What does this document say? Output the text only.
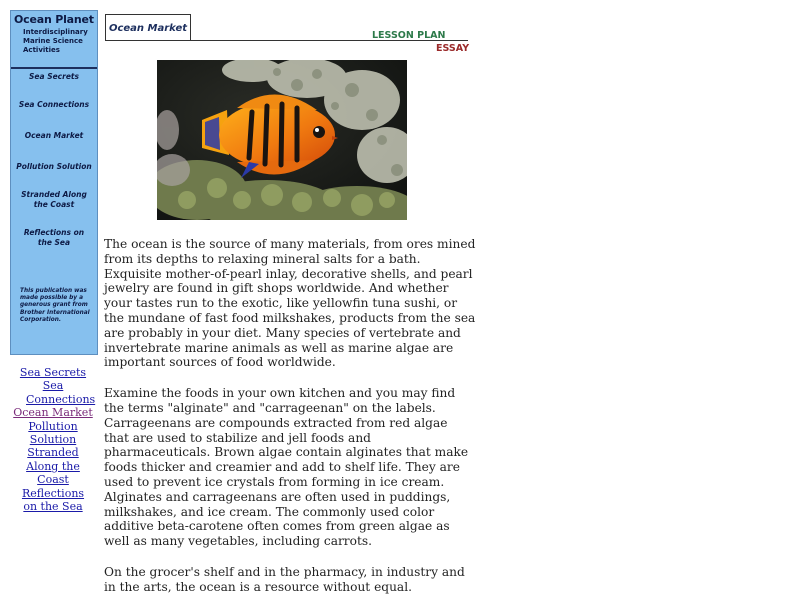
Ocean Planet
Interdisciplinary Marine Science Activities
Sea Secrets
Sea Connections
Ocean Market
Pollution Solution
Stranded Along the Coast
Reflections on the Sea
This publication was made possible by a generous grant from Brother International Corporation.
Sea Secrets
Sea Connections
Ocean Market
Pollution Solution
Stranded Along the Coast
Reflections on the Sea
Ocean Market
LESSON PLAN
ESSAY

The ocean is the source of many materials, from ores mined from its depths to relaxing mineral salts for a bath. Exquisite mother-of-pearl inlay, decorative shells, and pearl jewelry are found in gift shops worldwide. And whether your tastes run to the exotic, like yellowfin tuna sushi, or the mundane of fast food milkshakes, products from the sea are probably in your diet. Many species of vertebrate and invertebrate marine animals as well as marine algae are important sources of food worldwide.

Examine the foods in your own kitchen and you may find the terms "alginate" and "carrageenan" on the labels. Carrageenans are compounds extracted from red algae that are used to stabilize and jell foods and pharmaceuticals. Brown algae contain alginates that make foods thicker and creamier and add to shelf life. They are used to prevent ice crystals from forming in ice cream. Alginates and carrageenans are often used in puddings, milkshakes, and ice cream. The commonly used color additive beta-carotene often comes from green algae as well as many vegetables, including carrots.

On the grocer's shelf and in the pharmacy, in industry and in the arts, the ocean is a resource without equal.
